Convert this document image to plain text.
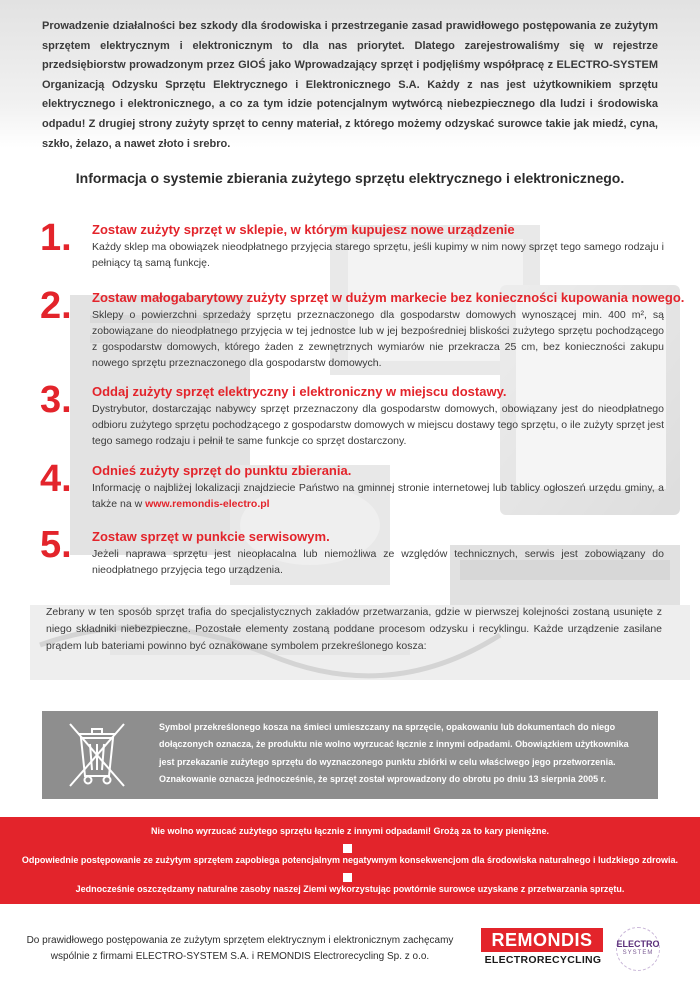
Prowadzenie działalności bez szkody dla środowiska i przestrzeganie zasad prawidłowego postępowania ze zużytym sprzętem elektrycznym i elektronicznym to dla nas priorytet. Dlatego zarejestrowaliśmy się w rejestrze przedsiębiorstw prowadzonym przez GIOŚ jako Wprowadzający sprzęt i podjęliśmy współpracę z ELECTRO-SYSTEM Organizacją Odzysku Sprzętu Elektrycznego i Elektronicznego S.A. Każdy z nas jest użytkownikiem sprzętu elektrycznego i elektronicznego, a co za tym idzie potencjalnym wytwórcą niebezpiecznego dla ludzi i środowiska odpadu! Z drugiej strony zużyty sprzęt to cenny materiał, z którego możemy odzyskać surowce takie jak miedź, cyna, szkło, żelazo, a nawet złoto i srebro.

Informacja o systemie zbierania zużytego sprzętu elektrycznego i elektronicznego.
1. Zostaw zużyty sprzęt w sklepie, w którym kupujesz nowe urządzenie
Każdy sklep ma obowiązek nieodpłatnego przyjęcia starego sprzętu, jeśli kupimy w nim nowy sprzęt tego samego rodzaju i pełniący tą samą funkcję.
2. Zostaw małogabarytowy zużyty sprzęt w dużym markecie bez konieczności kupowania nowego.
Sklepy o powierzchni sprzedaży sprzętu przeznaczonego dla gospodarstw domowych wynoszącej min. 400 m², są zobowiązane do nieodpłatnego przyjęcia w tej jednostce lub w jej bezpośredniej bliskości zużytego sprzętu pochodzącego z gospodarstw domowych, którego żaden z zewnętrznych wymiarów nie przekracza 25 cm, bez konieczności zakupu nowego sprzętu przeznaczonego dla gospodarstw domowych.
3. Oddaj zużyty sprzęt elektryczny i elektroniczny w miejscu dostawy.
Dystrybutor, dostarczając nabywcy sprzęt przeznaczony dla gospodarstw domowych, obowiązany jest do nieodpłatnego odbioru zużytego sprzętu pochodzącego z gospodarstw domowych w miejscu dostawy tego sprzętu, o ile zużyty sprzęt jest tego samego rodzaju i pełnił te same funkcje co sprzęt dostarczony.
4. Odnieś zużyty sprzęt do punktu zbierania.
Informację o najbliżej lokalizacji znajdziecie Państwo na gminnej stronie internetowej lub tablicy ogłoszeń urzędu gminy, a także na w www.remondis-electro.pl
5. Zostaw sprzęt w punkcie serwisowym.
Jeżeli naprawa sprzętu jest nieopłacalna lub niemożliwa ze względów technicznych, serwis jest zobowiązany do nieodpłatnego przyjęcia tego urządzenia.
Zebrany w ten sposób sprzęt trafia do specjalistycznych zakładów przetwarzania, gdzie w pierwszej kolejności zostaną usunięte z niego składniki niebezpieczne. Pozostałe elementy zostaną poddane procesom odzysku i recyklingu. Każde urządzenie zasilane prądem lub bateriami powinno być oznakowane symbolem przekreślonego kosza:

Symbol przekreślonego kosza na śmieci umieszczany na sprzęcie, opakowaniu lub dokumentach do niego dołączonych oznacza, że produktu nie wolno wyrzucać łącznie z innymi odpadami. Obowiązkiem użytkownika jest przekazanie zużytego sprzętu do wyznaczonego punktu zbiórki w celu właściwego jego przetworzenia. Oznakowanie oznacza jednocześnie, że sprzęt został wprowadzony do obrotu po dniu 13 sierpnia 2005 r.

Nie wolno wyrzucać zużytego sprzętu łącznie z innymi odpadami! Grożą za to kary pieniężne.
Odpowiednie postępowanie ze zużytym sprzętem zapobiega potencjalnym negatywnym konsekwencjom dla środowiska naturalnego i ludzkiego zdrowia.
Jednocześnie oszczędzamy naturalne zasoby naszej Ziemi wykorzystując powtórnie surowce uzyskane z przetwarzania sprzętu.
Do prawidłowego postępowania ze zużytym sprzętem elektrycznym i elektronicznym zachęcamy wspólnie z firmami ELECTRO-SYSTEM S.A. i REMONDIS Electrorecycling Sp. z o.o.
REMONDIS
ELECTRORECYCLING
ELECTRO
SYSTEM
